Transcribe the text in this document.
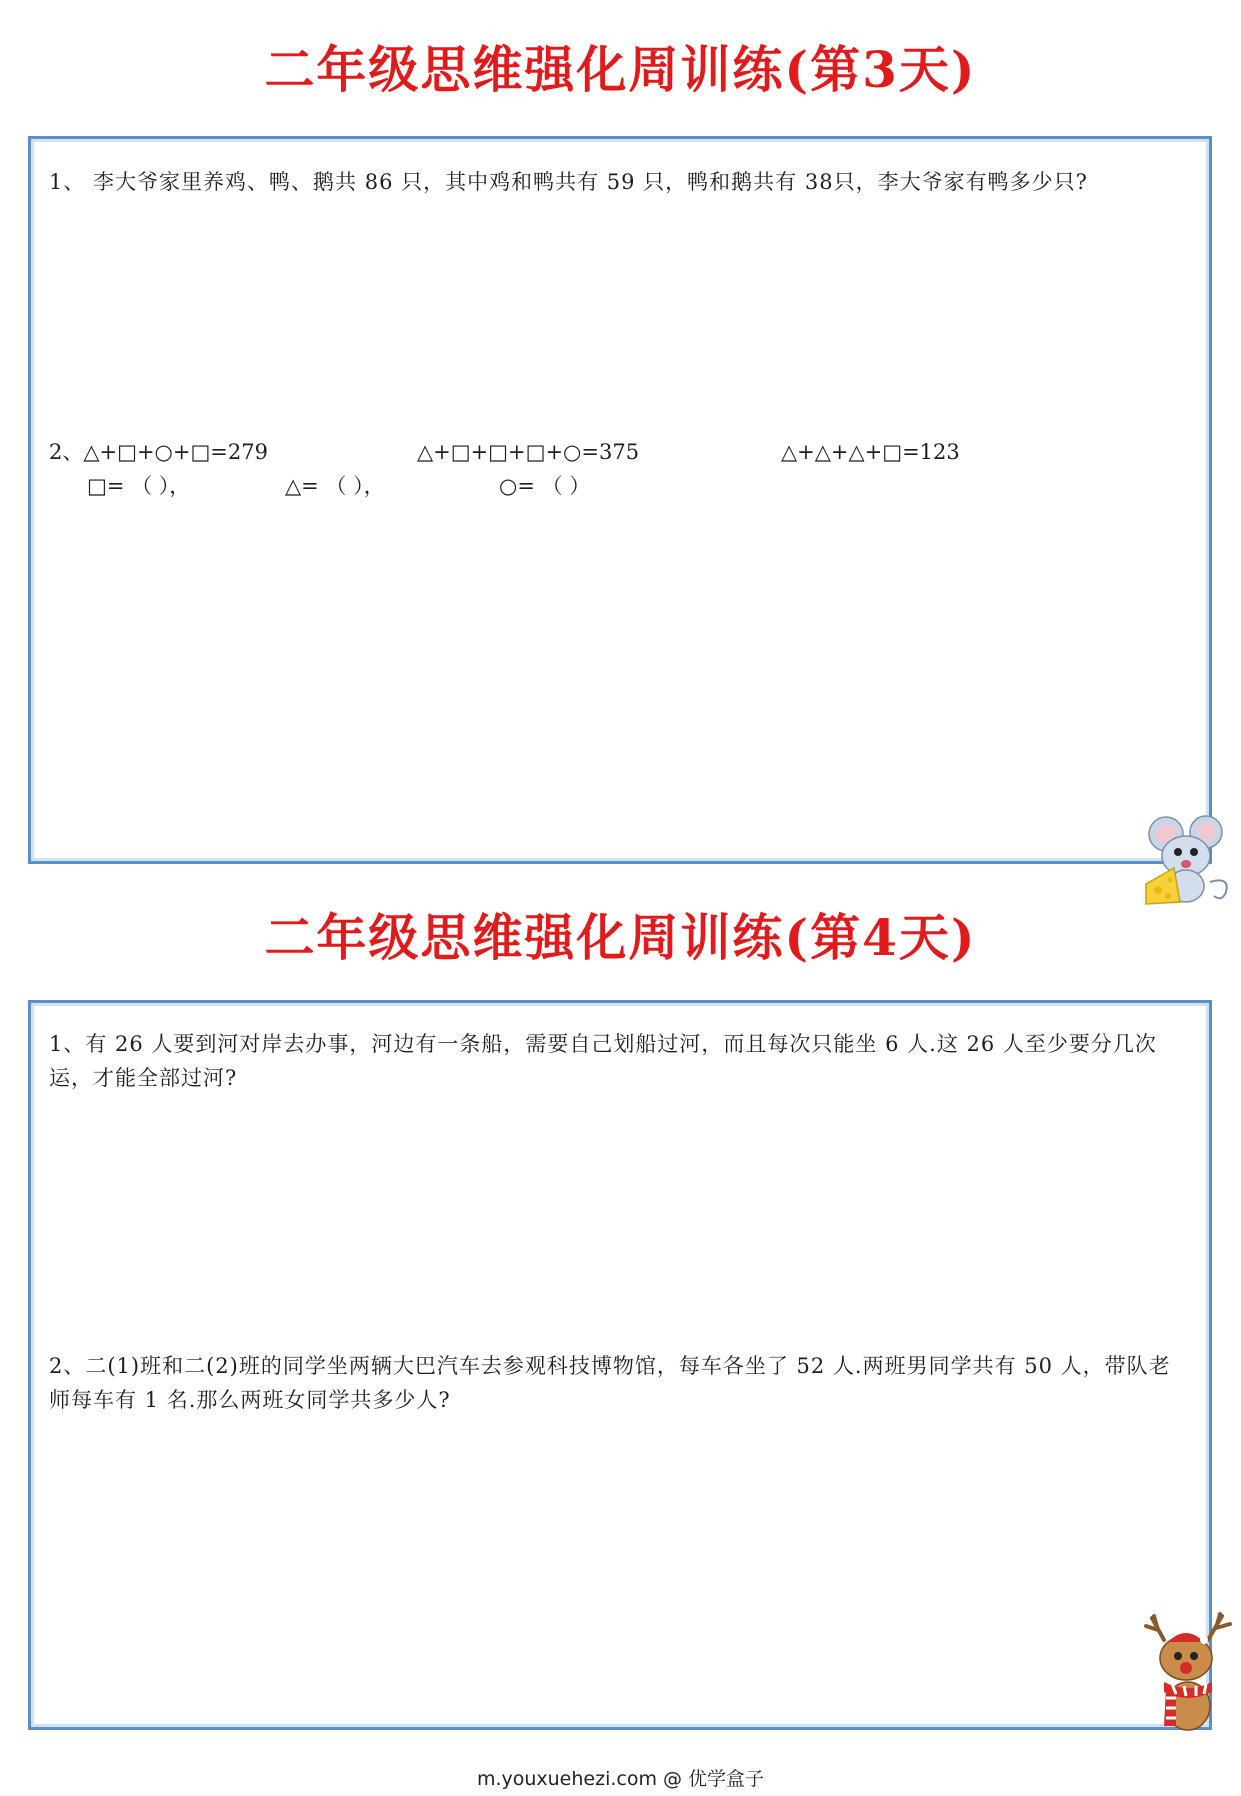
二年级思维强化周训练(第3天)
1、 李大爷家里养鸡、鸭、鹅共 86 只，其中鸡和鸭共有 59 只，鸭和鹅共有 38只，李大爷家有鸭多少只?
2、△+□+○+□=279	△+□+□+□+○=375	△+△+△+□=123
□= （ ），	△= （ ），	○= （ ）
二年级思维强化周训练(第4天)
1、有 26 人要到河对岸去办事，河边有一条船，需要自己划船过河，而且每次只能坐 6 人.这 26 人至少要分几次运，才能全部过河?
2、二(1)班和二(2)班的同学坐两辆大巴汽车去参观科技博物馆，每车各坐了 52 人.两班男同学共有 50 人，带队老师每车有 1 名.那么两班女同学共多少人?
m.youxuehezi.com @ 优学盒子
